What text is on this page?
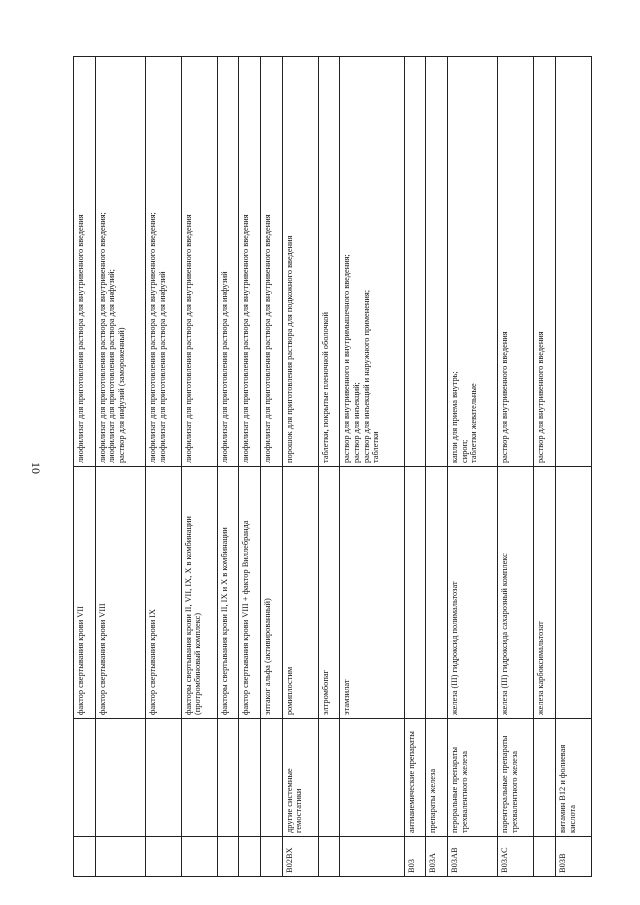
10
		фактор свертывания крови VII	лиофилизат для приготовления раствора для внутривенного введения
		фактор свертывания крови VIII	лиофилизат для приготовления раствора для внутривенного введения;
лиофилизат для приготовления раствора для инфузий;
раствор для инфузий (замороженный)
		фактор свертывания крови IX	лиофилизат для приготовления раствора для внутривенного введения;
лиофилизат для приготовления раствора для инфузий
		факторы свертывания крови II, VII, IX, X в комбинации (протромбиновый комплекс)	лиофилизат для приготовления раствора для внутривенного введения
		факторы свертывания крови II, IX и X в комбинации	лиофилизат для приготовления раствора для инфузий
		фактор свертывания крови VIII + фактор Виллебранда	лиофилизат для приготовления раствора для внутривенного введения
		эптаког альфа (активированный)	лиофилизат для приготовления раствора для внутривенного введения
B02BX	другие системные гемостатики	ромиплостим	порошок для приготовления раствора для подкожного введения
		элтромбопаг	таблетки, покрытые пленочной оболочкой
		этамзилат	раствор для внутривенного и внутримышечного введения;
раствор для инъекций;
раствор для инъекций и наружного применения;
таблетки
B03	антианемические препараты		
B03A	препараты железа		
B03AB	пероральные препараты трехвалентного железа	железа (III) гидроксид полимальтозат	капли для приема внутрь;
сироп;
таблетки жевательные
B03AC	парентеральные препараты трехвалентного железа	железа (III) гидроксида сахарозный комплекс	раствор для внутривенного введения
		железа карбоксимальтозат	раствор для внутривенного введения
B03B	витамин B12 и фолиевая кислота		
